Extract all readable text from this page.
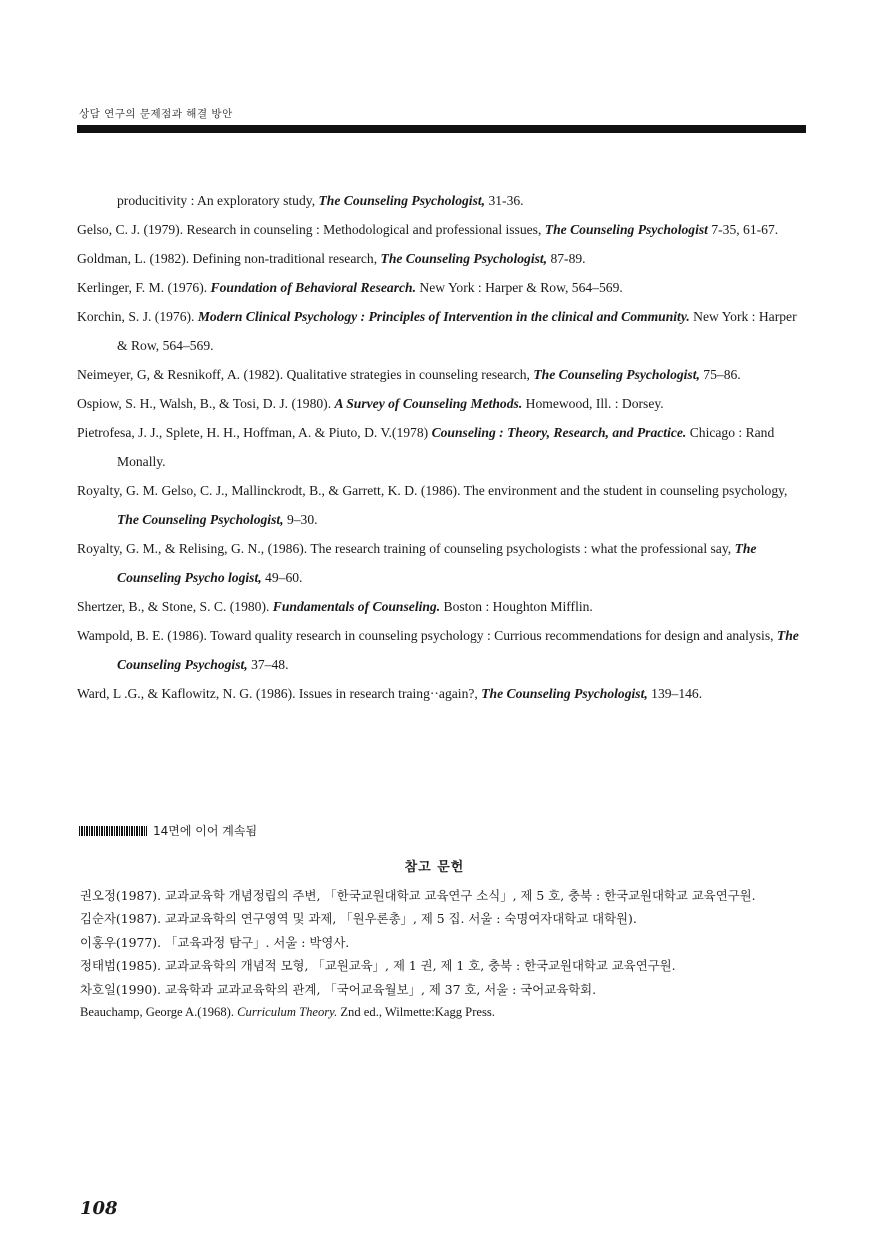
상담 연구의 문제점과 해결 방안

producitivity : An exploratory study, The Counseling Psychologist, 31-36.

Gelso, C. J. (1979). Research in counseling : Methodological and professional issues, The Counseling Psychologist 7-35, 61-67.

Goldman, L. (1982). Defining non-traditional research, The Counseling Psychologist, 87-89.

Kerlinger, F. M. (1976). Foundation of Behavioral Research. New York : Harper & Row, 564–569.

Korchin, S. J. (1976). Modern Clinical Psychology : Principles of Intervention in the clinical and Community. New York : Harper & Row, 564–569.

Neimeyer, G, & Resnikoff, A. (1982). Qualitative strategies in counseling research, The Counseling Psychologist, 75–86.

Ospiow, S. H., Walsh, B., & Tosi, D. J. (1980). A Survey of Counseling Methods. Homewood, Ill. : Dorsey.

Pietrofesa, J. J., Splete, H. H., Hoffman, A. & Piuto, D. V.(1978) Counseling : Theory, Research, and Practice. Chicago : Rand Monally.

Royalty, G. M. Gelso, C. J., Mallinckrodt, B., & Garrett, K. D. (1986). The environment and the student in counseling psychology, The Counseling Psychologist, 9–30.

Royalty, G. M., & Relising, G. N., (1986). The research training of counseling psychologists : what the professional say, The Counseling Psycho logist, 49–60.

Shertzer, B., & Stone, S. C. (1980). Fundamentals of Counseling. Boston : Houghton Mifflin.

Wampold, B. E. (1986). Toward quality research in counseling psychology : Currious recommendations for design and analysis, The Counseling Psychogist, 37–48.

Ward, L .G., & Kaflowitz, N. G. (1986). Issues in research traing··again?, The Counseling Psychologist, 139–146.

14면에 이어 계속됨
참고 문헌

권오정(1987). 교과교육학 개념정립의 주변, 「한국교원대학교 교육연구 소식」, 제 5 호, 충북 : 한국교원대학교 교육연구원.

김순자(1987). 교과교육학의 연구영역 및 과제, 「원우론총」, 제 5 집. 서울 : 숙명여자대학교 대학원).

이홍우(1977). 「교육과정 탐구」. 서울 : 박영사.

정태범(1985). 교과교육학의 개념적 모형, 「교원교육」, 제 1 권, 제 1 호, 충북 : 한국교원대학교 교육연구원.

차호일(1990). 교육학과 교과교육학의 관계, 「국어교육월보」, 제 37 호, 서울 : 국어교육학회.

Beauchamp, George A.(1968). Curriculum Theory. Znd ed., Wilmette:Kagg Press.

108
